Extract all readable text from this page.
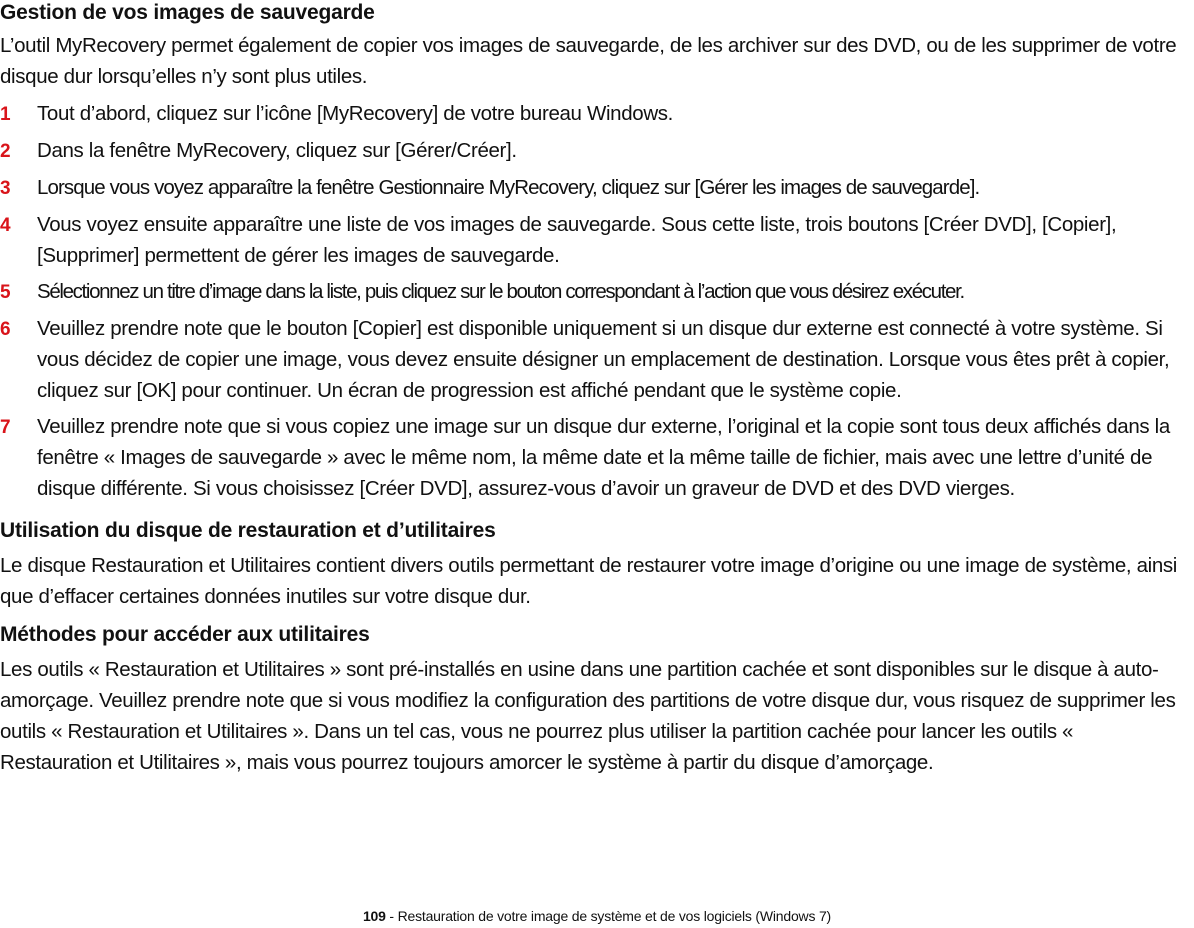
Gestion de vos images de sauvegarde

L’outil MyRecovery permet également de copier vos images de sauvegarde, de les archiver sur des DVD, ou de les supprimer de votre disque dur lorsqu’elles n’y sont plus utiles.

1	Tout d’abord, cliquez sur l’icône [MyRecovery] de votre bureau Windows.
2	Dans la fenêtre MyRecovery, cliquez sur [Gérer/Créer].
3	Lorsque vous voyez apparaître la fenêtre Gestionnaire MyRecovery, cliquez sur [Gérer les images de sauvegarde].
4	Vous voyez ensuite apparaître une liste de vos images de sauvegarde. Sous cette liste, trois boutons [Créer DVD], [Copier], [Supprimer] permettent de gérer les images de sauvegarde.
5	Sélectionnez un titre d’image dans la liste, puis cliquez sur le bouton correspondant à l’action que vous désirez exécuter.
6	Veuillez prendre note que le bouton [Copier] est disponible uniquement si un disque dur externe est connecté à votre système. Si vous décidez de copier une image, vous devez ensuite désigner un emplacement de destination. Lorsque vous êtes prêt à copier, cliquez sur [OK] pour continuer. Un écran de progression est affiché pendant que le système copie.
7	Veuillez prendre note que si vous copiez une image sur un disque dur externe, l’original et la copie sont tous deux affichés dans la fenêtre « Images de sauvegarde » avec le même nom, la même date et la même taille de fichier, mais avec une lettre d’unité de disque différente. Si vous choisissez [Créer DVD], assurez-vous d’avoir un graveur de DVD et des DVD vierges.
Utilisation du disque de restauration et d’utilitaires

Le disque Restauration et Utilitaires contient divers outils permettant de restaurer votre image d’origine ou une image de système, ainsi que d’effacer certaines données inutiles sur votre disque dur.

Méthodes pour accéder aux utilitaires

Les outils « Restauration et Utilitaires » sont pré-installés en usine dans une partition cachée et sont disponibles sur le disque à auto-amorçage. Veuillez prendre note que si vous modifiez la configuration des partitions de votre disque dur, vous risquez de supprimer les outils « Restauration et Utilitaires ». Dans un tel cas, vous ne pourrez plus utiliser la partition cachée pour lancer les outils « Restauration et Utilitaires », mais vous pourrez toujours amorcer le système à partir du disque d’amorçage.

109 - Restauration de votre image de système et de vos logiciels (Windows 7)
